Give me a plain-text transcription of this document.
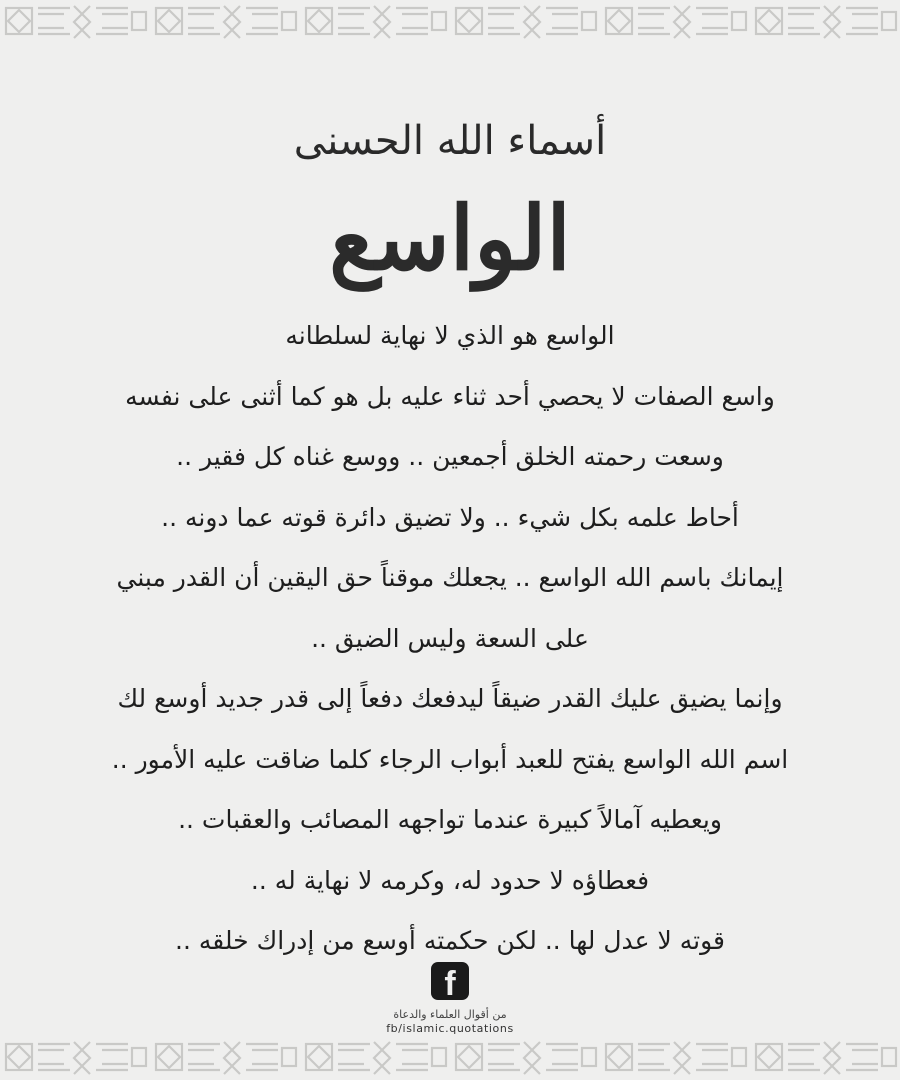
أسماء الله الحسنى
الواسع
الواسع هو الذي لا نهاية لسلطانه
واسع الصفات لا يحصي أحد ثناء عليه بل هو كما أثنى على نفسه
وسعت رحمته الخلق أجمعين .. ووسع غناه كل فقير ..
أحاط علمه بكل شيء .. ولا تضيق دائرة قوته عما دونه ..
إيمانك باسم الله الواسع .. يجعلك موقناً حق اليقين أن القدر مبني
على السعة وليس الضيق ..
وإنما يضيق عليك القدر ضيقاً ليدفعك دفعاً إلى قدر جديد أوسع لك
اسم الله الواسع يفتح للعبد أبواب الرجاء كلما ضاقت عليه الأمور ..
ويعطيه آمالاً كبيرة عندما تواجهه المصائب والعقبات ..
فعطاؤه لا حدود له، وكرمه لا نهاية له ..
قوته لا عدل لها .. لكن حكمته أوسع من إدراك خلقه ..
f
من أقوال العلماء والدعاة
fb/islamic.quotations
